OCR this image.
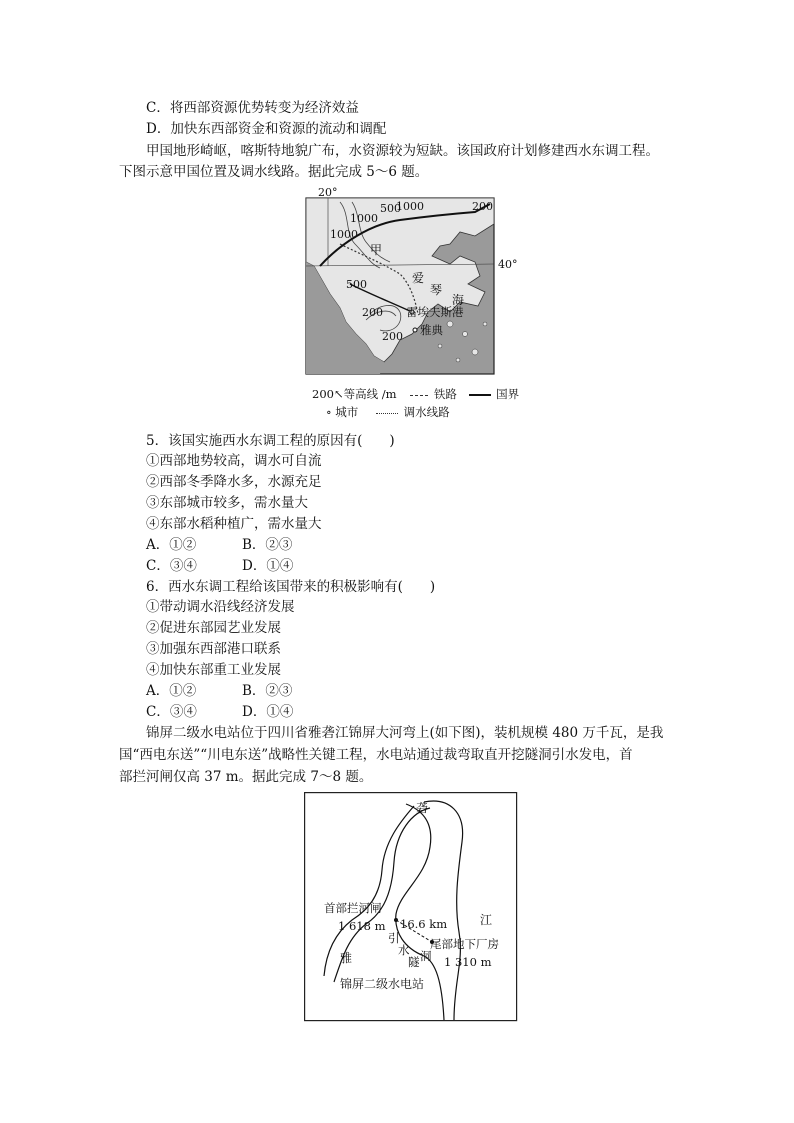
C．将西部资源优势转变为经济效益
D．加快东西部资金和资源的流动和调配
甲国地形崎岖，喀斯特地貌广布，水资源较为短缺。该国政府计划修建西水东调工程。
下图示意甲国位置及调水线路。据此完成 5～6 题。
20°
40°
1000
1000
1000
500	200
500
200
200
甲
爱
琴
海
雷埃夫斯港
雅典
200↖等高线 /m	铁路	国界
∘ 城市	调水线路
5．该国实施西水东调工程的原因有(　　)
①西部地势较高，调水可自流
②西部冬季降水多，水源充足
③东部城市较多，需水量大
④东部水稻种植广，需水量大
A．①②	B．②③
C．③④	D．①④
6．西水东调工程给该国带来的积极影响有(　　)
①带动调水沿线经济发展
②促进东部园艺业发展
③加强东西部港口联系
④加快东部重工业发展
A．①②	B．②③
C．③④	D．①④
锦屏二级水电站位于四川省雅砻江锦屏大河弯上(如下图)，装机规模 480 万千瓦，是我
国“西电东送”“川电东送”战略性关键工程，水电站通过裁弯取直开挖隧洞引水发电，首
部拦河闸仅高 37 m。据此完成 7～8 题。
砻
江
雅
首部拦河闸
1 618 m 16.6 km
引
水
隧 洞
尾部地下厂房
1 310 m
锦屏二级水电站
